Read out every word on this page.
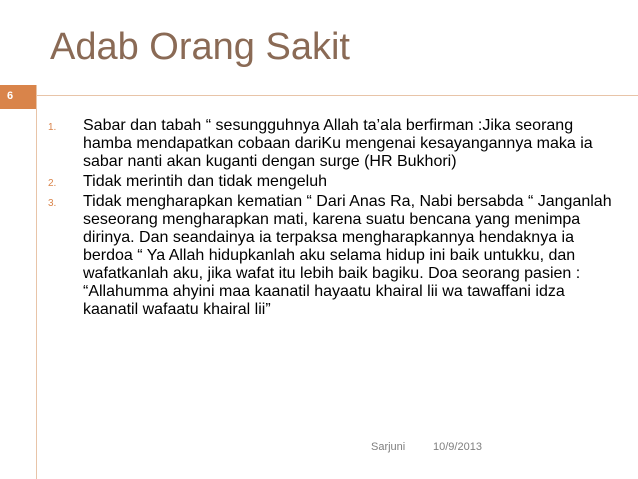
Adab Orang Sakit
6
1.	Sabar dan tabah “ sesungguhnya Allah ta’ala berfirman :Jika seorang hamba mendapatkan cobaan dariKu mengenai kesayangannya maka ia sabar nanti akan kuganti dengan surge (HR Bukhori)
2.	Tidak merintih dan tidak mengeluh
3.	Tidak mengharapkan kematian “ Dari Anas Ra, Nabi bersabda “ Janganlah seseorang mengharapkan mati, karena suatu bencana yang menimpa dirinya. Dan seandainya ia terpaksa mengharapkannya hendaknya ia berdoa “ Ya Allah hidupkanlah aku selama hidup ini baik untukku, dan wafatkanlah aku, jika wafat itu lebih baik bagiku. Doa seorang pasien : “Allahumma ahyini maa kaanatil hayaatu khairal lii wa tawaffani idza kaanatil wafaatu khairal lii”
Sarjuni	10/9/2013
